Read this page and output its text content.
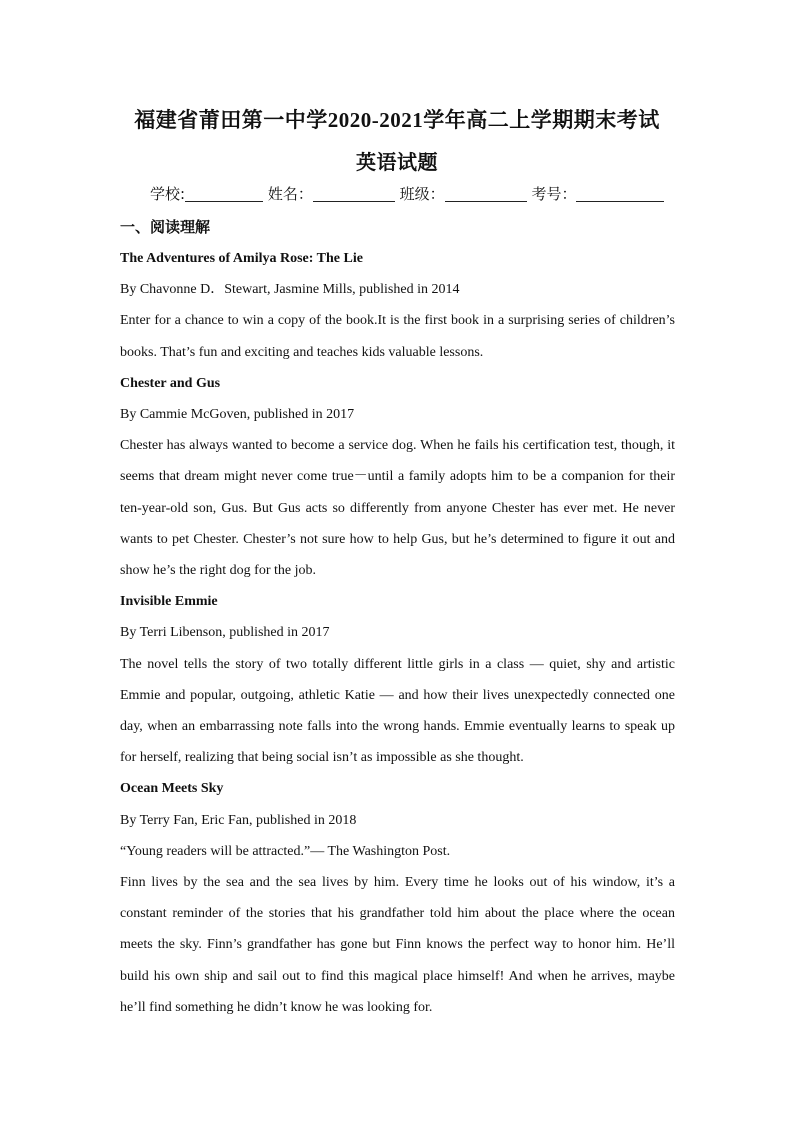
福建省莆田第一中学2020-2021学年高二上学期期末考试
英语试题
学校:	姓名：	班级：	考号：
一、阅读理解

The Adventures of Amilya Rose: The Lie

By Chavonne D．Stewart, Jasmine Mills, published in 2014

Enter for a chance to win a copy of the book.It is the first book in a surprising series of children’s books. That’s fun and exciting and teaches kids valuable lessons.

Chester and Gus

By Cammie McGoven, published in 2017

Chester has always wanted to become a service dog. When he fails his certification test, though, it seems that dream might never come true－until a family adopts him to be a companion for their ten-year-old son, Gus. But Gus acts so differently from anyone Chester has ever met. He never wants to pet Chester. Chester’s not sure how to help Gus, but he’s determined to figure it out and show he’s the right dog for the job.

Invisible Emmie

By Terri Libenson, published in 2017

The novel tells the story of two totally different little girls in a class — quiet, shy and artistic Emmie and popular, outgoing, athletic Katie — and how their lives unexpectedly connected one day, when an embarrassing note falls into the wrong hands. Emmie eventually learns to speak up for herself, realizing that being social isn’t as impossible as she thought.

Ocean Meets Sky

By Terry Fan, Eric Fan, published in 2018

“Young readers will be attracted.”— The Washington Post.

Finn lives by the sea and the sea lives by him. Every time he looks out of his window, it’s a constant reminder of the stories that his grandfather told him about the place where the ocean meets the sky. Finn’s grandfather has gone but Finn knows the perfect way to honor him. He’ll build his own ship and sail out to find this magical place himself! And when he arrives, maybe he’ll find something he didn’t know he was looking for.
